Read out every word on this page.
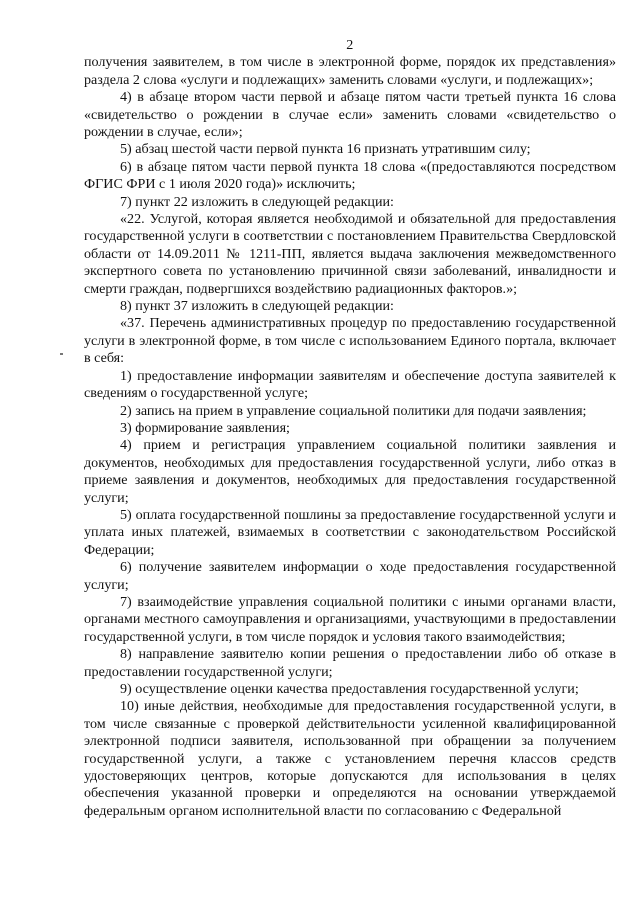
2

получения заявителем, в том числе в электронной форме, порядок их представления» раздела 2 слова «услуги и подлежащих» заменить словами «услуги, и подлежащих»;

4) в абзаце втором части первой и абзаце пятом части третьей пункта 16 слова «свидетельство о рождении в случае если» заменить словами «свидетельство о рождении в случае, если»;

5) абзац шестой части первой пункта 16 признать утратившим силу;

6) в абзаце пятом части первой пункта 18 слова «(предоставляются посредством ФГИС ФРИ с 1 июля 2020 года)» исключить;

7) пункт 22 изложить в следующей редакции:

«22. Услугой, которая является необходимой и обязательной для предоставления государственной услуги в соответствии с постановлением Правительства Свердловской области от 14.09.2011 № 1211-ПП, является выдача заключения межведомственного экспертного совета по установлению причинной связи заболеваний, инвалидности и смерти граждан, подвергшихся воздействию радиационных факторов.»;

8) пункт 37 изложить в следующей редакции:

«37. Перечень административных процедур по предоставлению государственной услуги в электронной форме, в том числе с использованием Единого портала, включает в себя:

1) предоставление информации заявителям и обеспечение доступа заявителей к сведениям о государственной услуге;

2) запись на прием в управление социальной политики для подачи заявления;

3) формирование заявления;

4) прием и регистрация управлением социальной политики заявления и документов, необходимых для предоставления государственной услуги, либо отказ в приеме заявления и документов, необходимых для предоставления государственной услуги;

5) оплата государственной пошлины за предоставление государственной услуги и уплата иных платежей, взимаемых в соответствии с законодательством Российской Федерации;

6) получение заявителем информации о ходе предоставления государственной услуги;

7) взаимодействие управления социальной политики с иными органами власти, органами местного самоуправления и организациями, участвующими в предоставлении государственной услуги, в том числе порядок и условия такого взаимодействия;

8) направление заявителю копии решения о предоставлении либо об отказе в предоставлении государственной услуги;

9) осуществление оценки качества предоставления государственной услуги;

10) иные действия, необходимые для предоставления государственной услуги, в том числе связанные с проверкой действительности усиленной квалифицированной электронной подписи заявителя, использованной при обращении за получением государственной услуги, а также с установлением перечня классов средств удостоверяющих центров, которые допускаются для использования в целях обеспечения указанной проверки и определяются на основании утверждаемой федеральным органом исполнительной власти по согласованию с Федеральной
